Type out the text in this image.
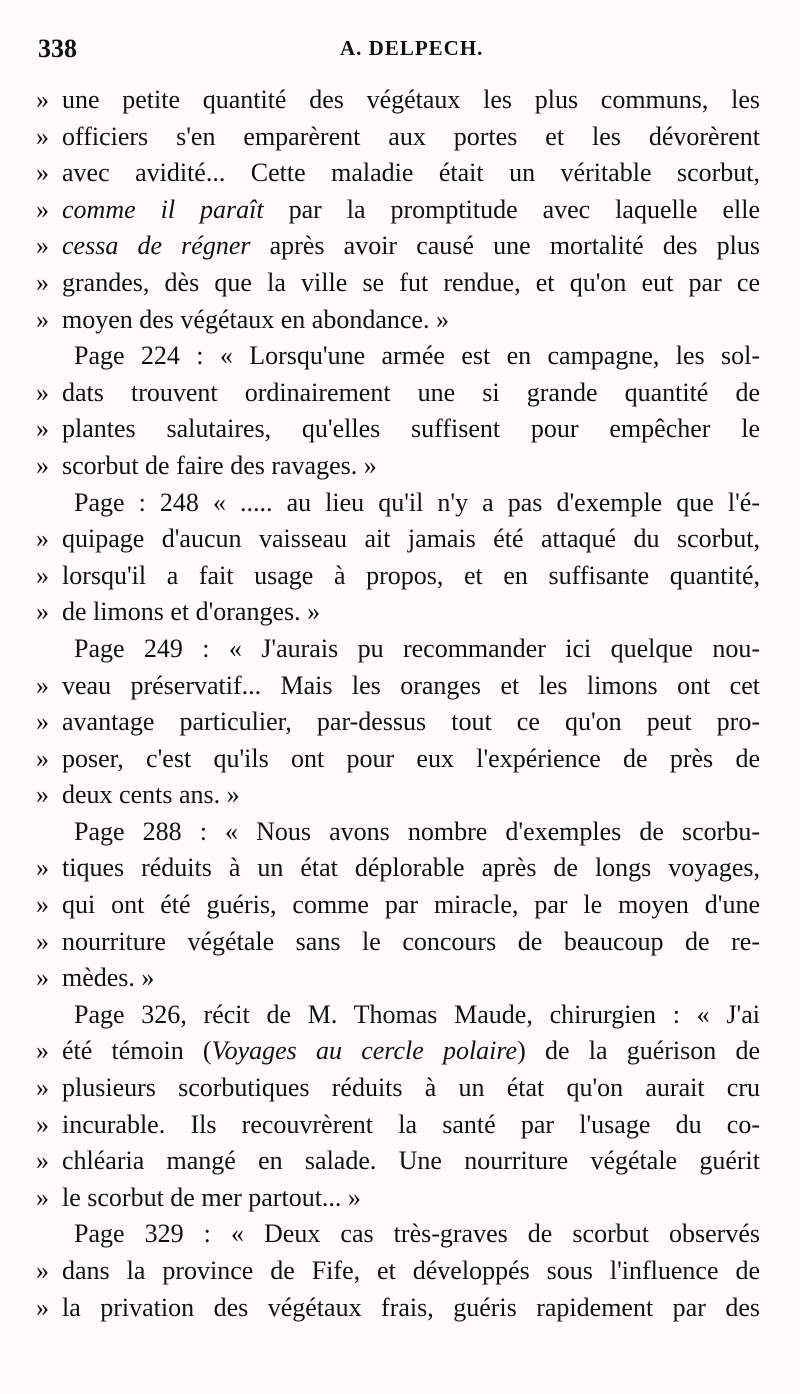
338	A. DELPECH.
» une petite quantité des végétaux les plus communs, les
» officiers s'en emparèrent aux portes et les dévorèrent
» avec avidité... Cette maladie était un véritable scorbut,
» comme il paraît par la promptitude avec laquelle elle
» cessa de régner après avoir causé une mortalité des plus
» grandes, dès que la ville se fut rendue, et qu'on eut par ce
» moyen des végétaux en abondance. »
Page 224 : « Lorsqu'une armée est en campagne, les sol-
» dats trouvent ordinairement une si grande quantité de
» plantes salutaires, qu'elles suffisent pour empêcher le
» scorbut de faire des ravages. »
Page : 248 « ..... au lieu qu'il n'y a pas d'exemple que l'é-
» quipage d'aucun vaisseau ait jamais été attaqué du scorbut,
» lorsqu'il a fait usage à propos, et en suffisante quantité,
» de limons et d'oranges. »
Page 249 : « J'aurais pu recommander ici quelque nou-
» veau préservatif... Mais les oranges et les limons ont cet
» avantage particulier, par-dessus tout ce qu'on peut pro-
» poser, c'est qu'ils ont pour eux l'expérience de près de
» deux cents ans. »
Page 288 : « Nous avons nombre d'exemples de scorbu-
» tiques réduits à un état déplorable après de longs voyages,
» qui ont été guéris, comme par miracle, par le moyen d'une
» nourriture végétale sans le concours de beaucoup de re-
» mèdes. »
Page 326, récit de M. Thomas Maude, chirurgien : « J'ai
» été témoin (Voyages au cercle polaire) de la guérison de
» plusieurs scorbutiques réduits à un état qu'on aurait cru
» incurable. Ils recouvrèrent la santé par l'usage du co-
» chléaria mangé en salade. Une nourriture végétale guérit
» le scorbut de mer partout... »
Page 329 : « Deux cas très-graves de scorbut observés
» dans la province de Fife, et développés sous l'influence de
» la privation des végétaux frais, guéris rapidement par des
